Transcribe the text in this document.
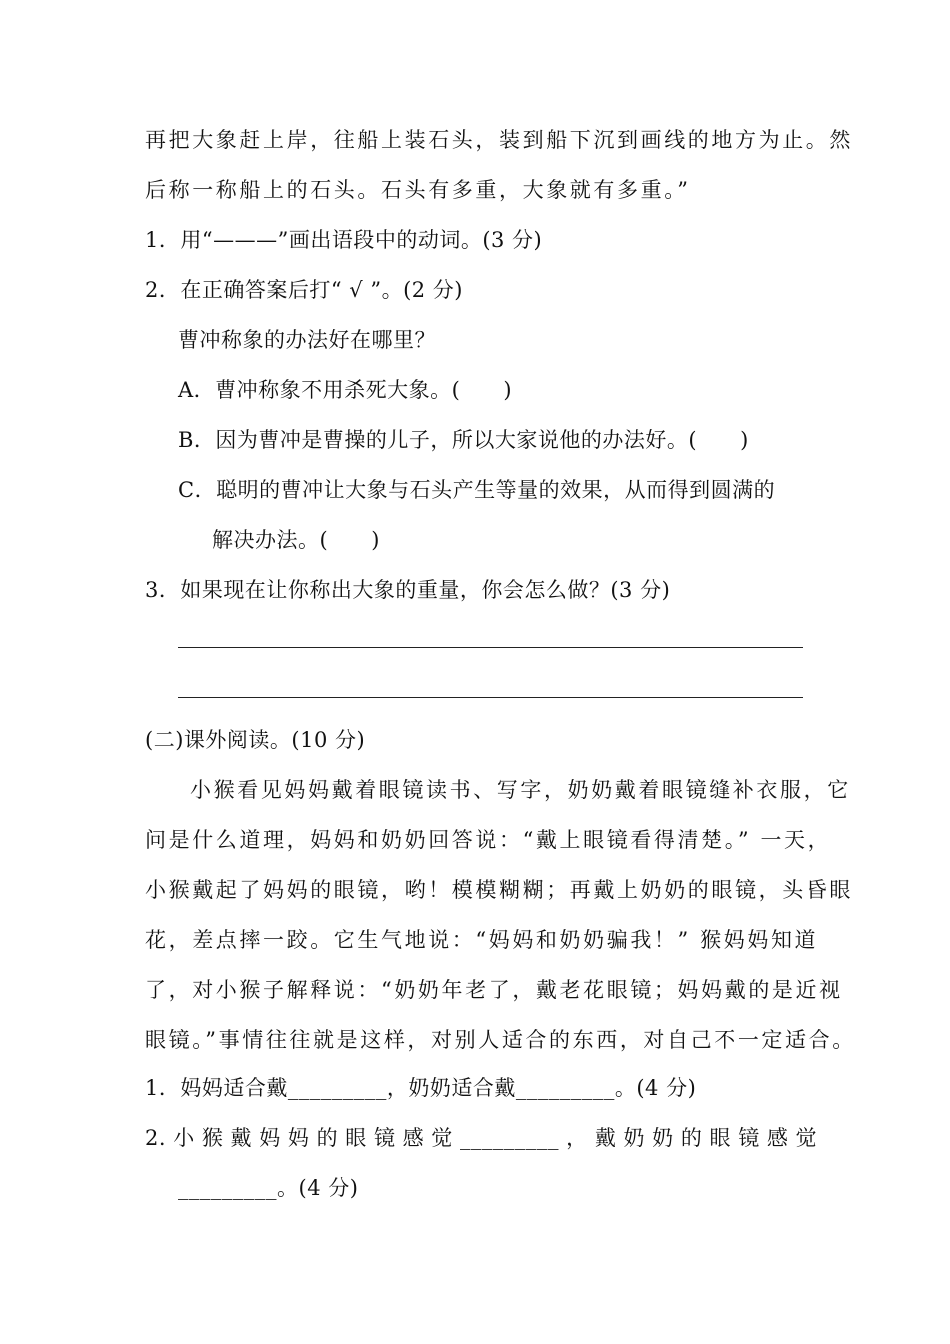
再把大象赶上岸，往船上装石头，装到船下沉到画线的地方为止。然
后称一称船上的石头。石头有多重，大象就有多重。”
1．用“———”画出语段中的动词。(3 分)
2．在正确答案后打“ √ ”。(2 分)
曹冲称象的办法好在哪里？
A．曹冲称象不用杀死大象。(　　)
B．因为曹冲是曹操的儿子，所以大家说他的办法好。(　　)
C．聪明的曹冲让大象与石头产生等量的效果，从而得到圆满的
解决办法。(　　)
3．如果现在让你称出大象的重量，你会怎么做？(3 分)
(二)课外阅读。(10 分)
小猴看见妈妈戴着眼镜读书、写字，奶奶戴着眼镜缝补衣服，它
问是什么道理，妈妈和奶奶回答说：“戴上眼镜看得清楚。” 一天，
小猴戴起了妈妈的眼镜，哟！模模糊糊；再戴上奶奶的眼镜，头昏眼
花，差点摔一跤。它生气地说：“妈妈和奶奶骗我！” 猴妈妈知道
了，对小猴子解释说：“奶奶年老了，戴老花眼镜；妈妈戴的是近视
眼镜。”事情往往就是这样，对别人适合的东西，对自己不一定适合。
1．妈妈适合戴_________，奶奶适合戴_________。(4 分)
2. 小 猴 戴 妈 妈 的 眼 镜 感 觉 _________ ， 戴 奶 奶 的 眼 镜 感 觉
_________。(4 分)
